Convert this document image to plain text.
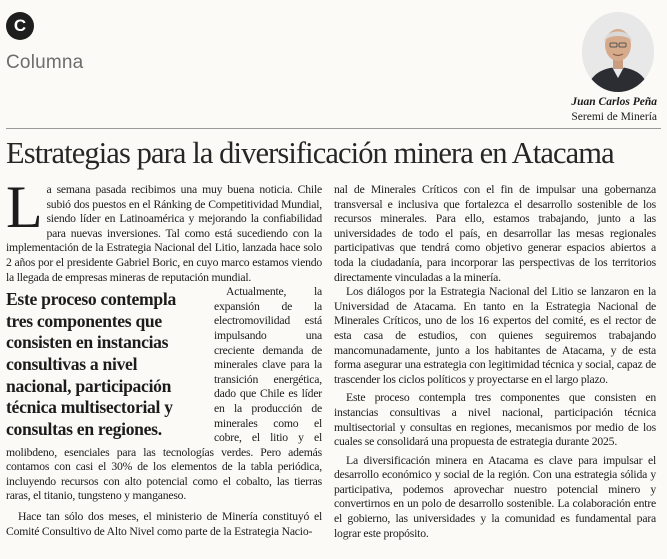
C
Columna
Juan Carlos Peña
Seremi de Minería
Estrategias para la diversificación minera en Atacama

La semana pasada recibimos una muy buena noticia. Chile subió dos puestos en el Ránking de Competitividad Mundial, siendo líder en Latinoamérica y mejorando la confiabilidad para nuevas inversiones. Tal como está sucediendo con la implementación de la Estrategia Nacional del Litio, lanzada hace solo 2 años por el presidente Gabriel Boric, en cuyo marco estamos viendo la llegada de empresas mineras de reputación mundial.

Este proceso contempla tres componentes que consisten en instancias consultivas a nivel nacional, participación técnica multisectorial y consultas en regiones.

Actualmente, la expansión de la electromovilidad está impulsando una creciente demanda de minerales clave para la transición energética, dado que Chile es líder en la producción de minerales como el cobre, el litio y el molibdeno, esenciales para las tecnologías verdes. Pero además contamos con casi el 30% de los elementos de la tabla periódica, incluyendo recursos con alto potencial como el cobalto, las tierras raras, el titanio, tungsteno y manganeso.

Hace tan sólo dos meses, el ministerio de Minería constituyó el Comité Consultivo de Alto Nivel como parte de la Estrategia Nacio-

nal de Minerales Críticos con el fin de impulsar una gobernanza transversal e inclusiva que fortalezca el desarrollo sostenible de los recursos minerales. Para ello, estamos trabajando, junto a las universidades de todo el país, en desarrollar las mesas regionales participativas que tendrá como objetivo generar espacios abiertos a toda la ciudadanía, para incorporar las perspectivas de los territorios directamente vinculadas a la minería.

Los diálogos por la Estrategia Nacional del Litio se lanzaron en la Universidad de Atacama. En tanto en la Estrategia Nacional de Minerales Críticos, uno de los 16 expertos del comité, es el rector de esta casa de estudios, con quienes seguiremos trabajando mancomunadamente, junto a los habitantes de Atacama, y de esta forma asegurar una estrategia con legitimidad técnica y social, capaz de trascender los ciclos políticos y proyectarse en el largo plazo.

Este proceso contempla tres componentes que consisten en instancias consultivas a nivel nacional, participación técnica multisectorial y consultas en regiones, mecanismos por medio de los cuales se consolidará una propuesta de estrategia durante 2025.

La diversificación minera en Atacama es clave para impulsar el desarrollo económico y social de la región. Con una estrategia sólida y participativa, podemos aprovechar nuestro potencial minero y convertirnos en un polo de desarrollo sostenible. La colaboración entre el gobierno, las universidades y la comunidad es fundamental para lograr este propósito.
